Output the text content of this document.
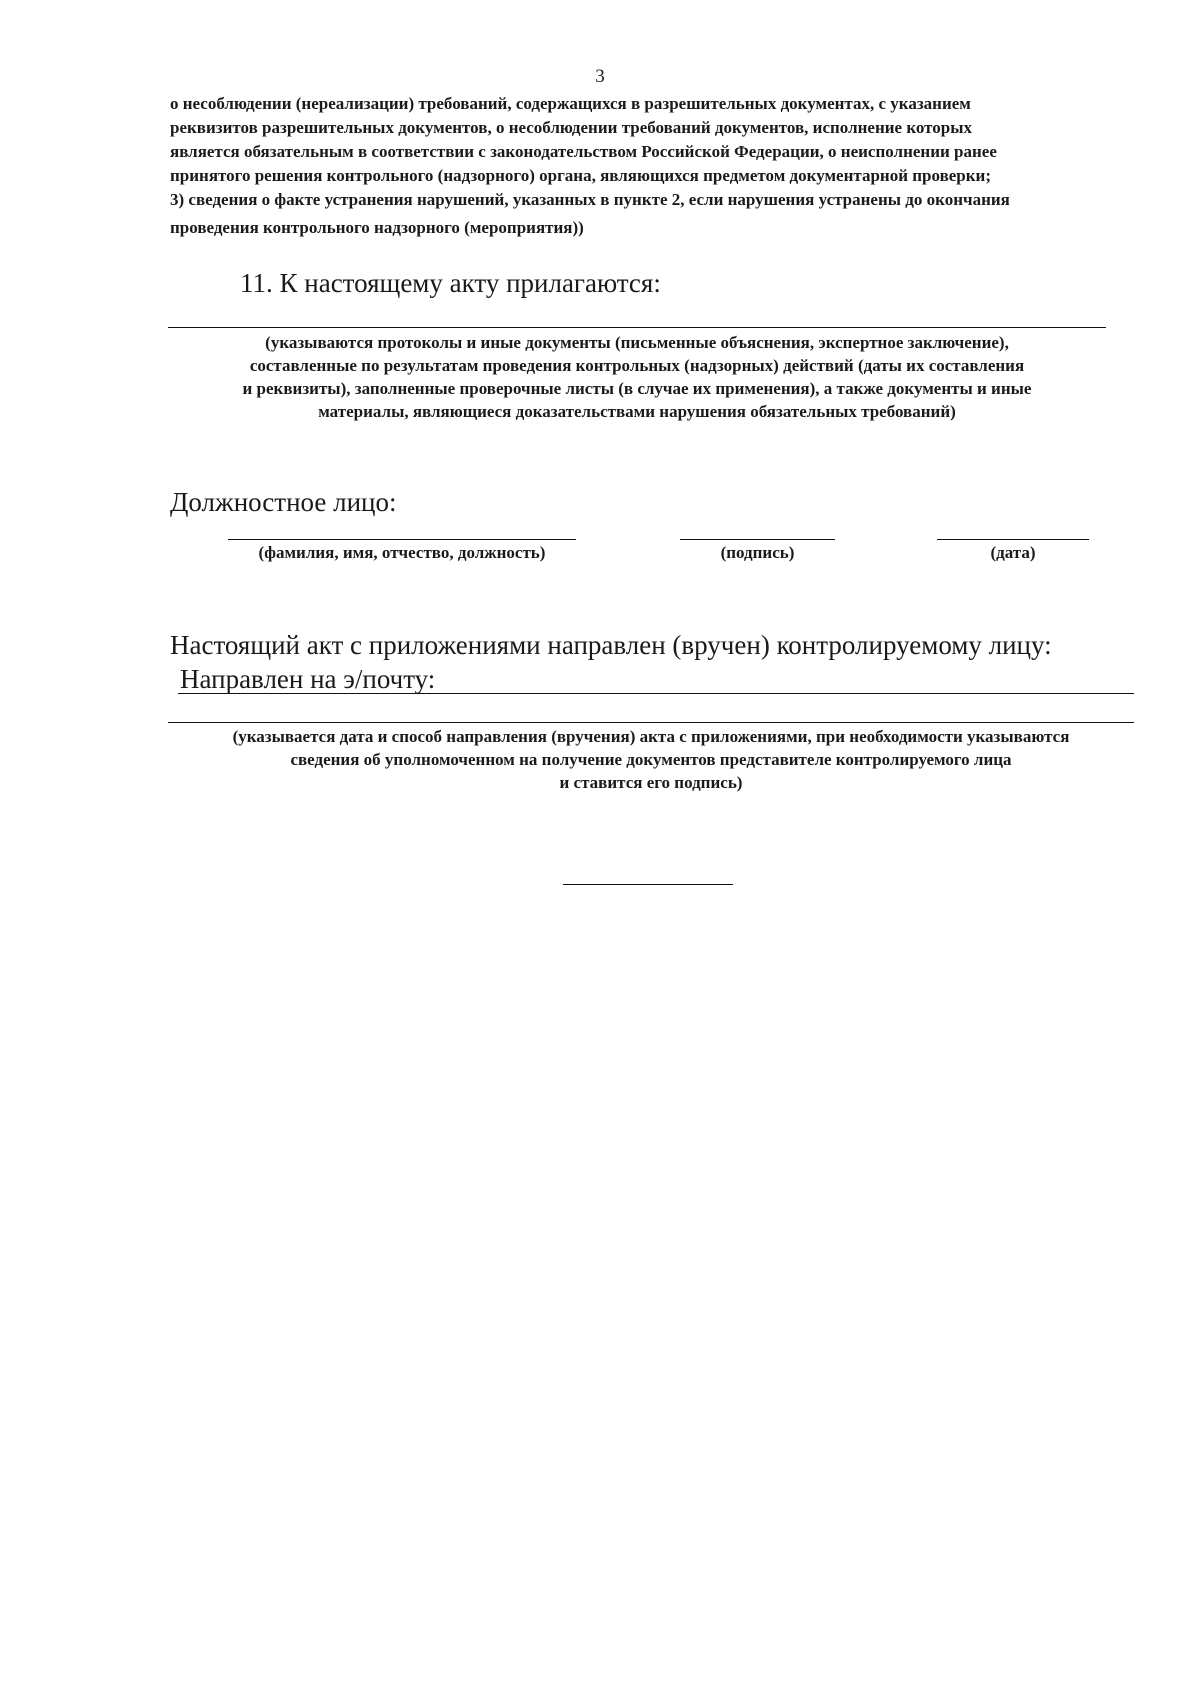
3
о несоблюдении (нереализации) требований, содержащихся в разрешительных документах, с указанием
реквизитов разрешительных документов, о несоблюдении требований документов, исполнение которых
является обязательным в соответствии с законодательством Российской Федерации, о неисполнении ранее
принятого решения контрольного (надзорного) органа, являющихся предметом документарной проверки;
3) сведения о факте устранения нарушений, указанных в пункте 2, если нарушения устранены до окончания
проведения контрольного надзорного (мероприятия))
11. К настоящему акту прилагаются:
(указываются протоколы и иные документы (письменные объяснения, экспертное заключение),
составленные по результатам проведения контрольных (надзорных) действий (даты их составления
и реквизиты), заполненные проверочные листы (в случае их применения), а также документы и иные
материалы, являющиеся доказательствами нарушения обязательных требований)
Должностное лицо:
(фамилия, имя, отчество, должность)	(подпись)	(дата)
Настоящий акт с приложениями направлен (вручен) контролируемому лицу:
Направлен на э/почту:
(указывается дата и способ направления (вручения) акта с приложениями, при необходимости указываются
сведения об уполномоченном на получение документов представителе контролируемого лица
и ставится его подпись)
